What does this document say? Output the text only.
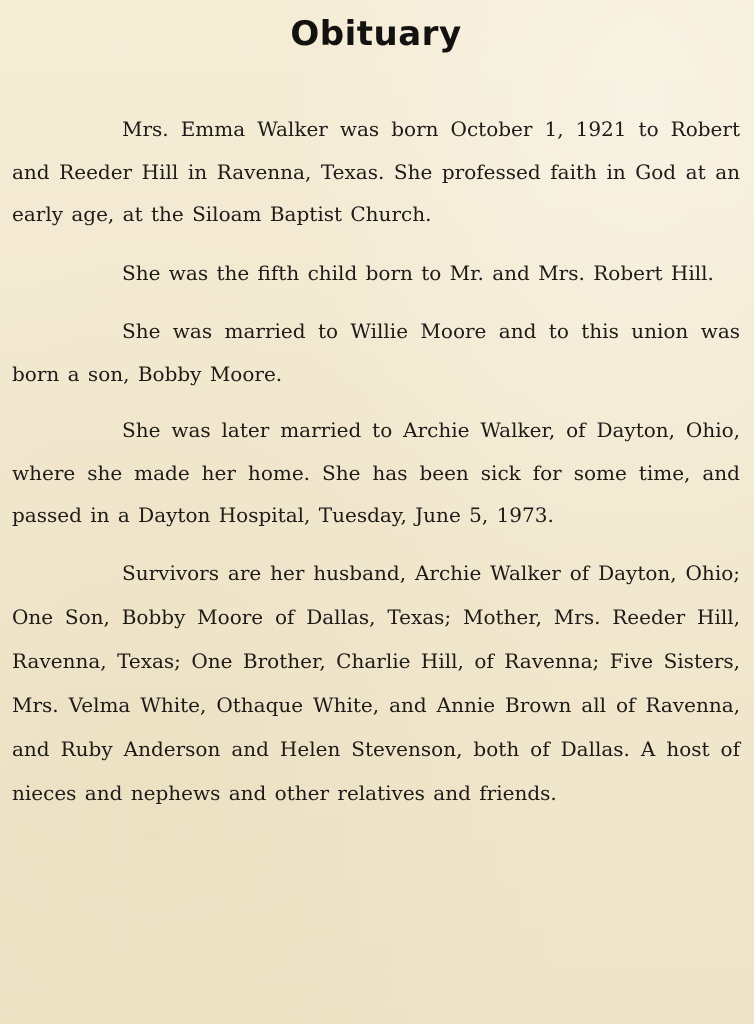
Obituary

Mrs. Emma Walker was born October 1, 1921 to Robert and Reeder Hill in Ravenna, Texas. She professed faith in God at an early age, at the Siloam Baptist Church.

She was the fifth child born to Mr. and Mrs. Robert Hill.

She was married to Willie Moore and to this union was born a son, Bobby Moore.

She was later married to Archie Walker, of Dayton, Ohio, where she made her home. She has been sick for some time, and passed in a Dayton Hospital, Tuesday, June 5, 1973.

Survivors are her husband, Archie Walker of Dayton, Ohio; One Son, Bobby Moore of Dallas, Texas; Mother, Mrs. Reeder Hill, Ravenna, Texas; One Brother, Charlie Hill, of Ravenna; Five Sisters, Mrs. Velma White, Othaque White, and Annie Brown all of Ravenna, and Ruby Anderson and Helen Stevenson, both of Dallas. A host of nieces and nephews and other relatives and friends.
